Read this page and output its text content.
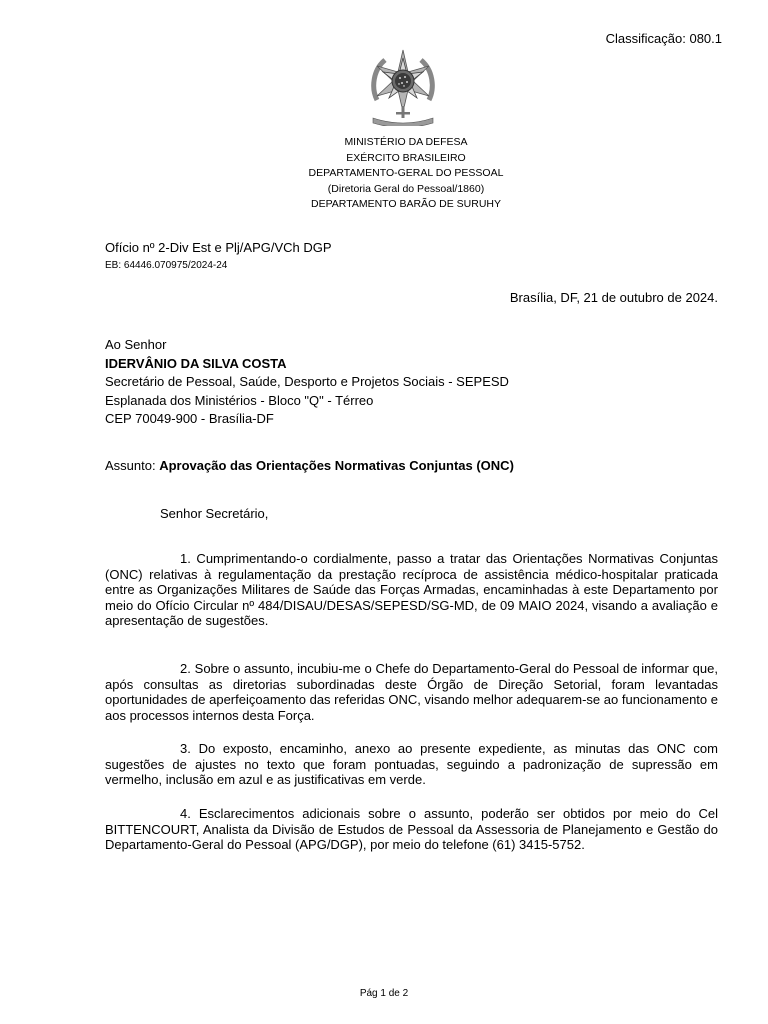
Classificação: 080.1
MINISTÉRIO DA DEFESA
EXÉRCITO BRASILEIRO
DEPARTAMENTO-GERAL DO PESSOAL
(Diretoria Geral do Pessoal/1860)
DEPARTAMENTO BARÃO DE SURUHY
Ofício nº 2-Div Est e Plj/APG/VCh DGP
EB: 64446.070975/2024-24
Brasília, DF, 21 de outubro de 2024.
Ao Senhor
IDERVÂNIO DA SILVA COSTA
Secretário de Pessoal, Saúde, Desporto e Projetos Sociais - SEPESD
Esplanada dos Ministérios - Bloco "Q" - Térreo
CEP 70049-900 - Brasília-DF
Assunto: Aprovação das Orientações Normativas Conjuntas (ONC)
Senhor Secretário,
1. Cumprimentando-o cordialmente, passo a tratar das Orientações Normativas Conjuntas (ONC) relativas à regulamentação da prestação recíproca de assistência médico-hospitalar praticada entre as Organizações Militares de Saúde das Forças Armadas, encaminhadas à este Departamento por meio do Ofício Circular nº 484/DISAU/DESAS/SEPESD/SG-MD, de 09 MAIO 2024, visando a avaliação e apresentação de sugestões.
2. Sobre o assunto, incubiu-me o Chefe do Departamento-Geral do Pessoal de informar que, após consultas as diretorias subordinadas deste Órgão de Direção Setorial, foram levantadas oportunidades de aperfeiçoamento das referidas ONC, visando melhor adequarem-se ao funcionamento e aos processos internos desta Força.
3. Do exposto, encaminho, anexo ao presente expediente, as minutas das ONC com sugestões de ajustes no texto que foram pontuadas, seguindo a padronização de supressão em vermelho, inclusão em azul e as justificativas em verde.
4. Esclarecimentos adicionais sobre o assunto, poderão ser obtidos por meio do Cel BITTENCOURT, Analista da Divisão de Estudos de Pessoal da Assessoria de Planejamento e Gestão do Departamento-Geral do Pessoal (APG/DGP), por meio do telefone (61) 3415-5752.
Pág 1 de 2
